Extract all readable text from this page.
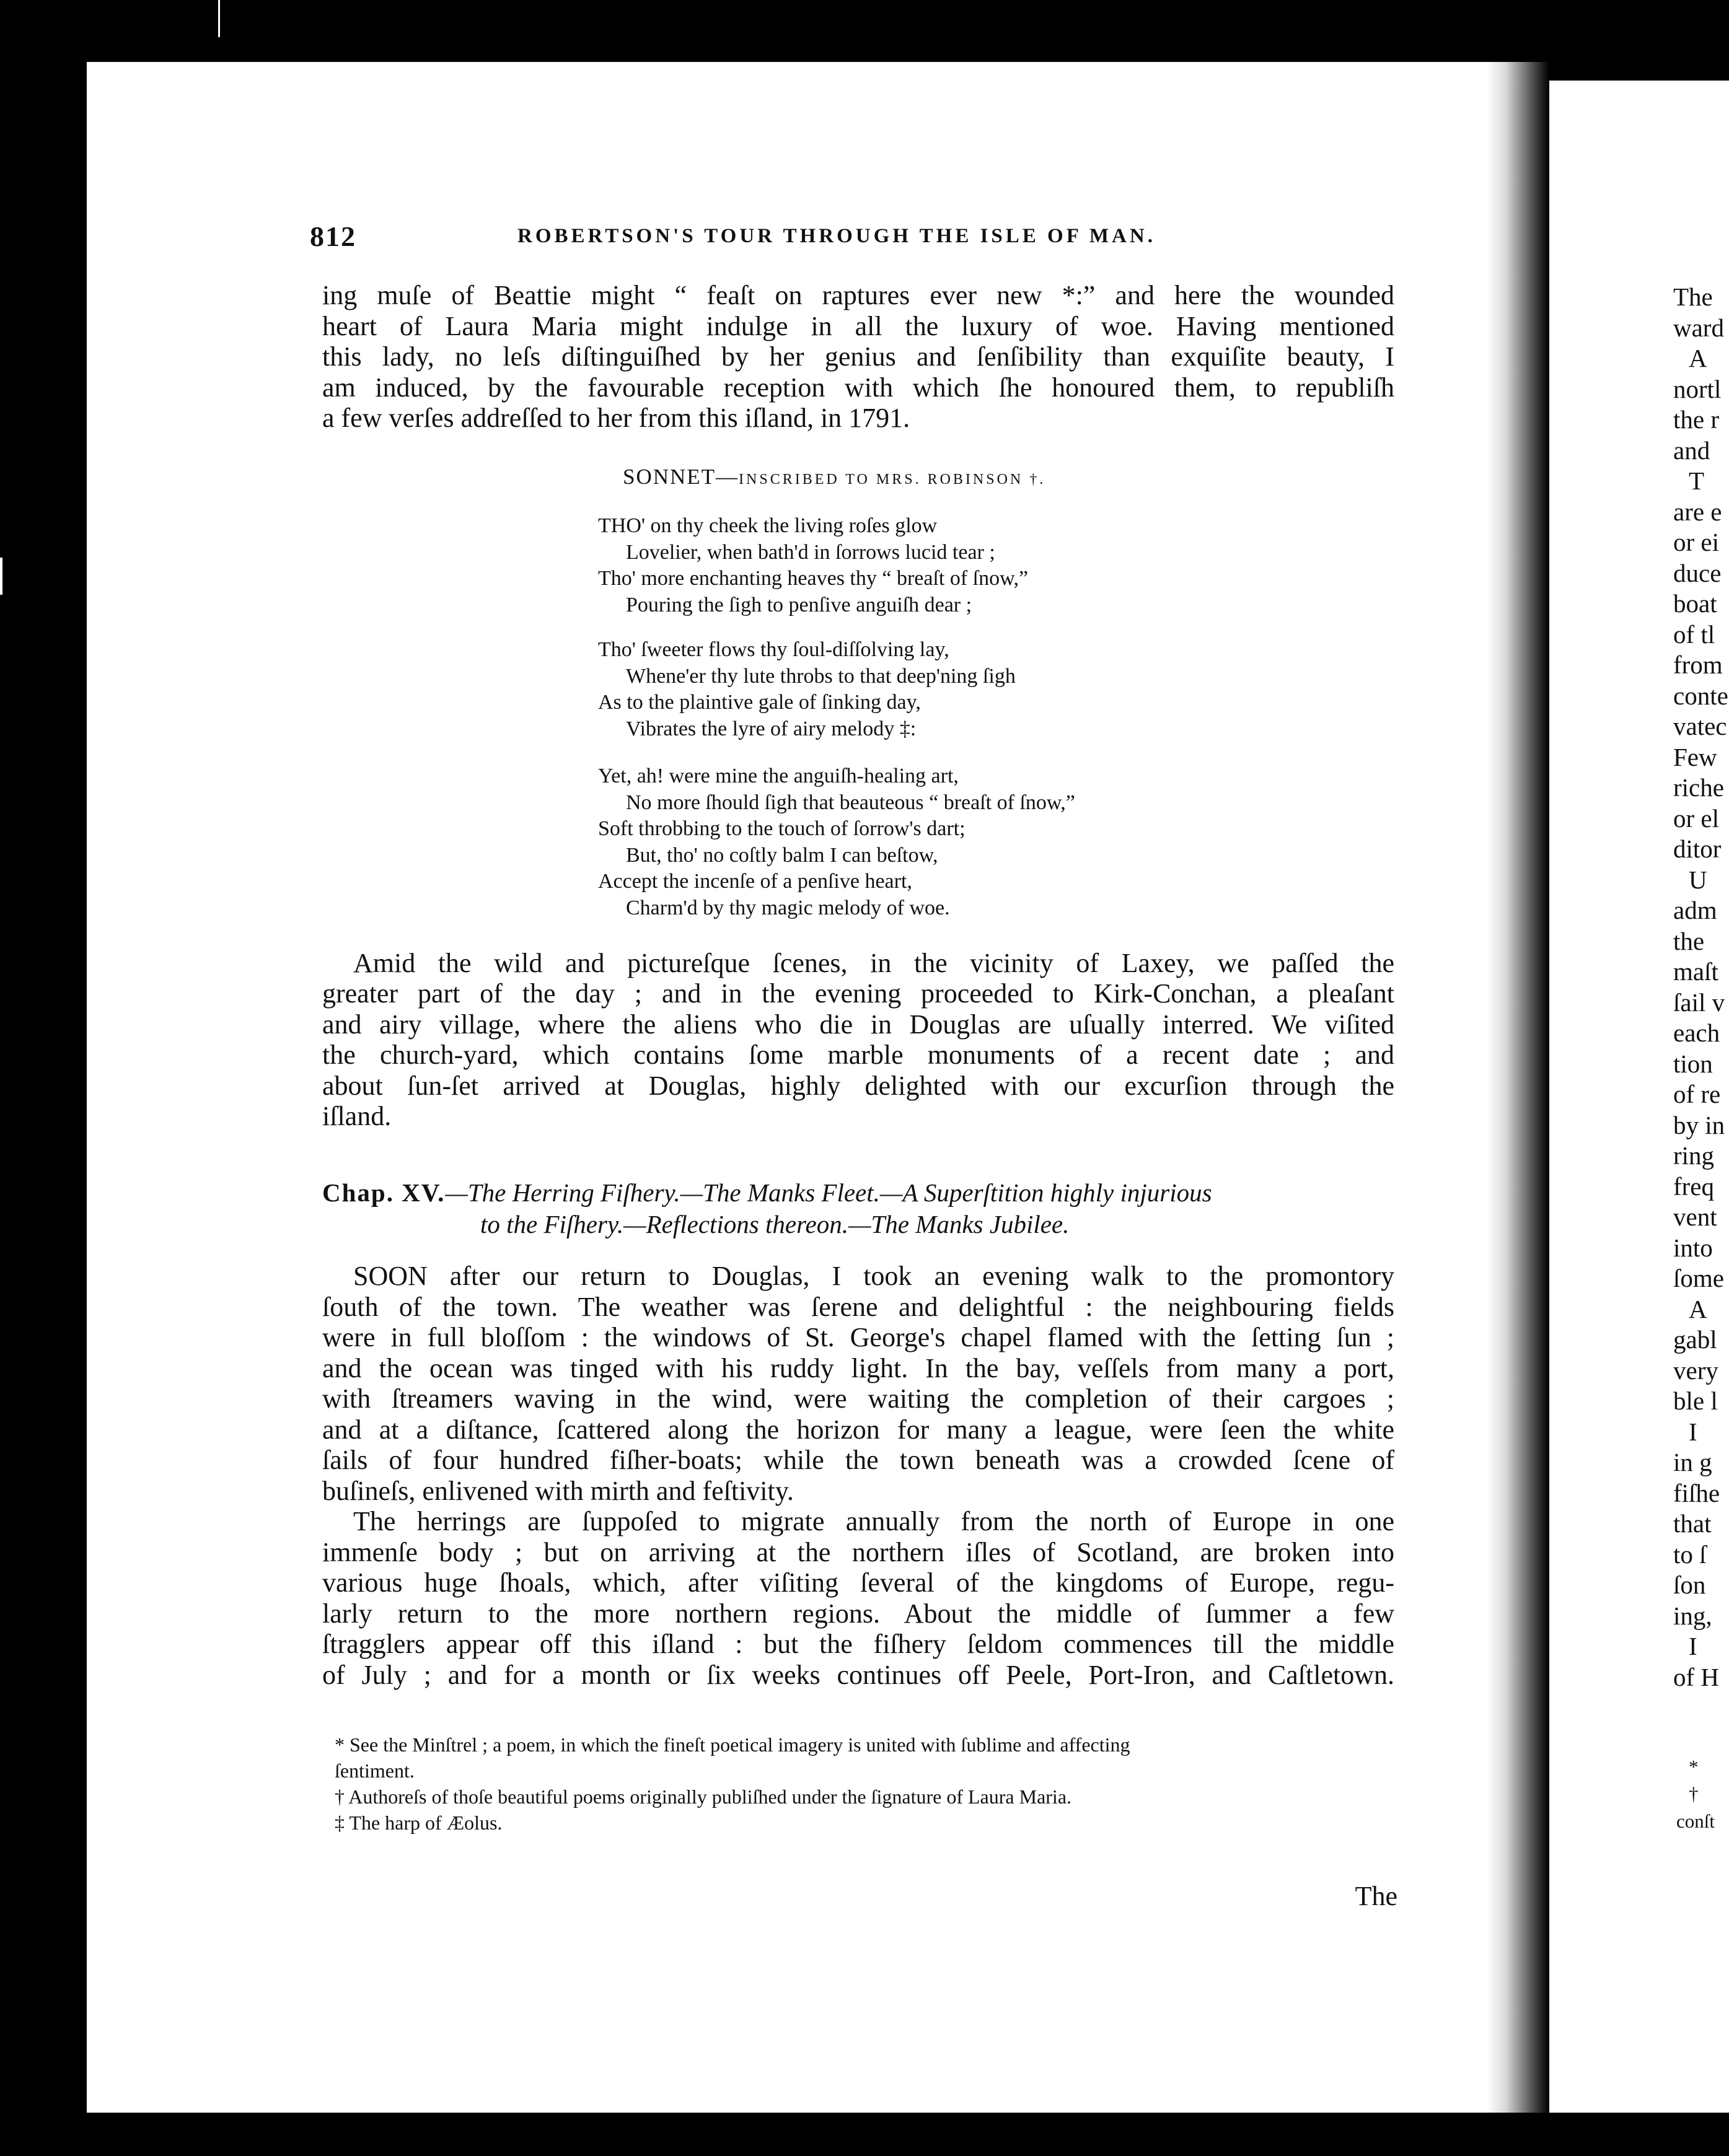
812	ROBERTSON'S TOUR THROUGH THE ISLE OF MAN.
ing muſe of Beattie might “ feaſt on raptures ever new *:” and here the wounded
heart of Laura Maria might indulge in all the luxury of woe. Having mentioned
this lady, no leſs diſtinguiſhed by her genius and ſenſibility than exquiſite beauty, I
am induced, by the favourable reception with which ſhe honoured them, to republiſh
a few verſes addreſſed to her from this iſland, in 1791.
SONNET—INSCRIBED TO MRS. ROBINSON †.
THO' on thy cheek the living roſes glow
Lovelier, when bath'd in ſorrows lucid tear ;
Tho' more enchanting heaves thy “ breaſt of ſnow,”
Pouring the ſigh to penſive anguiſh dear ;
Tho' ſweeter flows thy ſoul-diſſolving lay,
Whene'er thy lute throbs to that deep'ning ſigh
As to the plaintive gale of ſinking day,
Vibrates the lyre of airy melody ‡:
Yet, ah! were mine the anguiſh-healing art,
No more ſhould ſigh that beauteous “ breaſt of ſnow,”
Soft throbbing to the touch of ſorrow's dart;
But, tho' no coſtly balm I can beſtow,
Accept the incenſe of a penſive heart,
Charm'd by thy magic melody of woe.
Amid the wild and pictureſque ſcenes, in the vicinity of Laxey, we paſſed the
greater part of the day ; and in the evening proceeded to Kirk-Conchan, a pleaſant
and airy village, where the aliens who die in Douglas are uſually interred. We viſited
the church-yard, which contains ſome marble monuments of a recent date ; and
about ſun-ſet arrived at Douglas, highly delighted with our excurſion through the
iſland.
Chap. XV.—The Herring Fiſhery.—The Manks Fleet.—A Superſtition highly injurious
to the Fiſhery.—Reflections thereon.—The Manks Jubilee.
SOON after our return to Douglas, I took an evening walk to the promontory
ſouth of the town. The weather was ſerene and delightful : the neighbouring fields
were in full bloſſom : the windows of St. George's chapel flamed with the ſetting ſun ;
and the ocean was tinged with his ruddy light. In the bay, veſſels from many a port,
with ſtreamers waving in the wind, were waiting the completion of their cargoes ;
and at a diſtance, ſcattered along the horizon for many a league, were ſeen the white
ſails of four hundred fiſher-boats; while the town beneath was a crowded ſcene of
buſineſs, enlivened with mirth and feſtivity.
The herrings are ſuppoſed to migrate annually from the north of Europe in one
immenſe body ; but on arriving at the northern iſles of Scotland, are broken into
various huge ſhoals, which, after viſiting ſeveral of the kingdoms of Europe, regu-
larly return to the more northern regions. About the middle of ſummer a few
ſtragglers appear off this iſland : but the fiſhery ſeldom commences till the middle
of July ; and for a month or ſix weeks continues off Peele, Port-Iron, and Caſtletown.
* See the Minſtrel ; a poem, in which the fineſt poetical imagery is united with ſublime and affecting
ſentiment.
† Authoreſs of thoſe beautiful poems originally publiſhed under the ſignature of Laura Maria.
‡ The harp of Æolus.
The
The
ward
A
nortl
the r
and
T
are e
or ei
duce
boat
of tl
from
conte
vatec
Few
riche
or el
ditor
U
adm
the
maſt
ſail v
each
tion
of re
by in
ring
freq
vent
into
ſome
A
gabl
very
ble l
I
in g
fiſhe
that
to ſ
ſon
ing,
I
of H
*
†
conſt
